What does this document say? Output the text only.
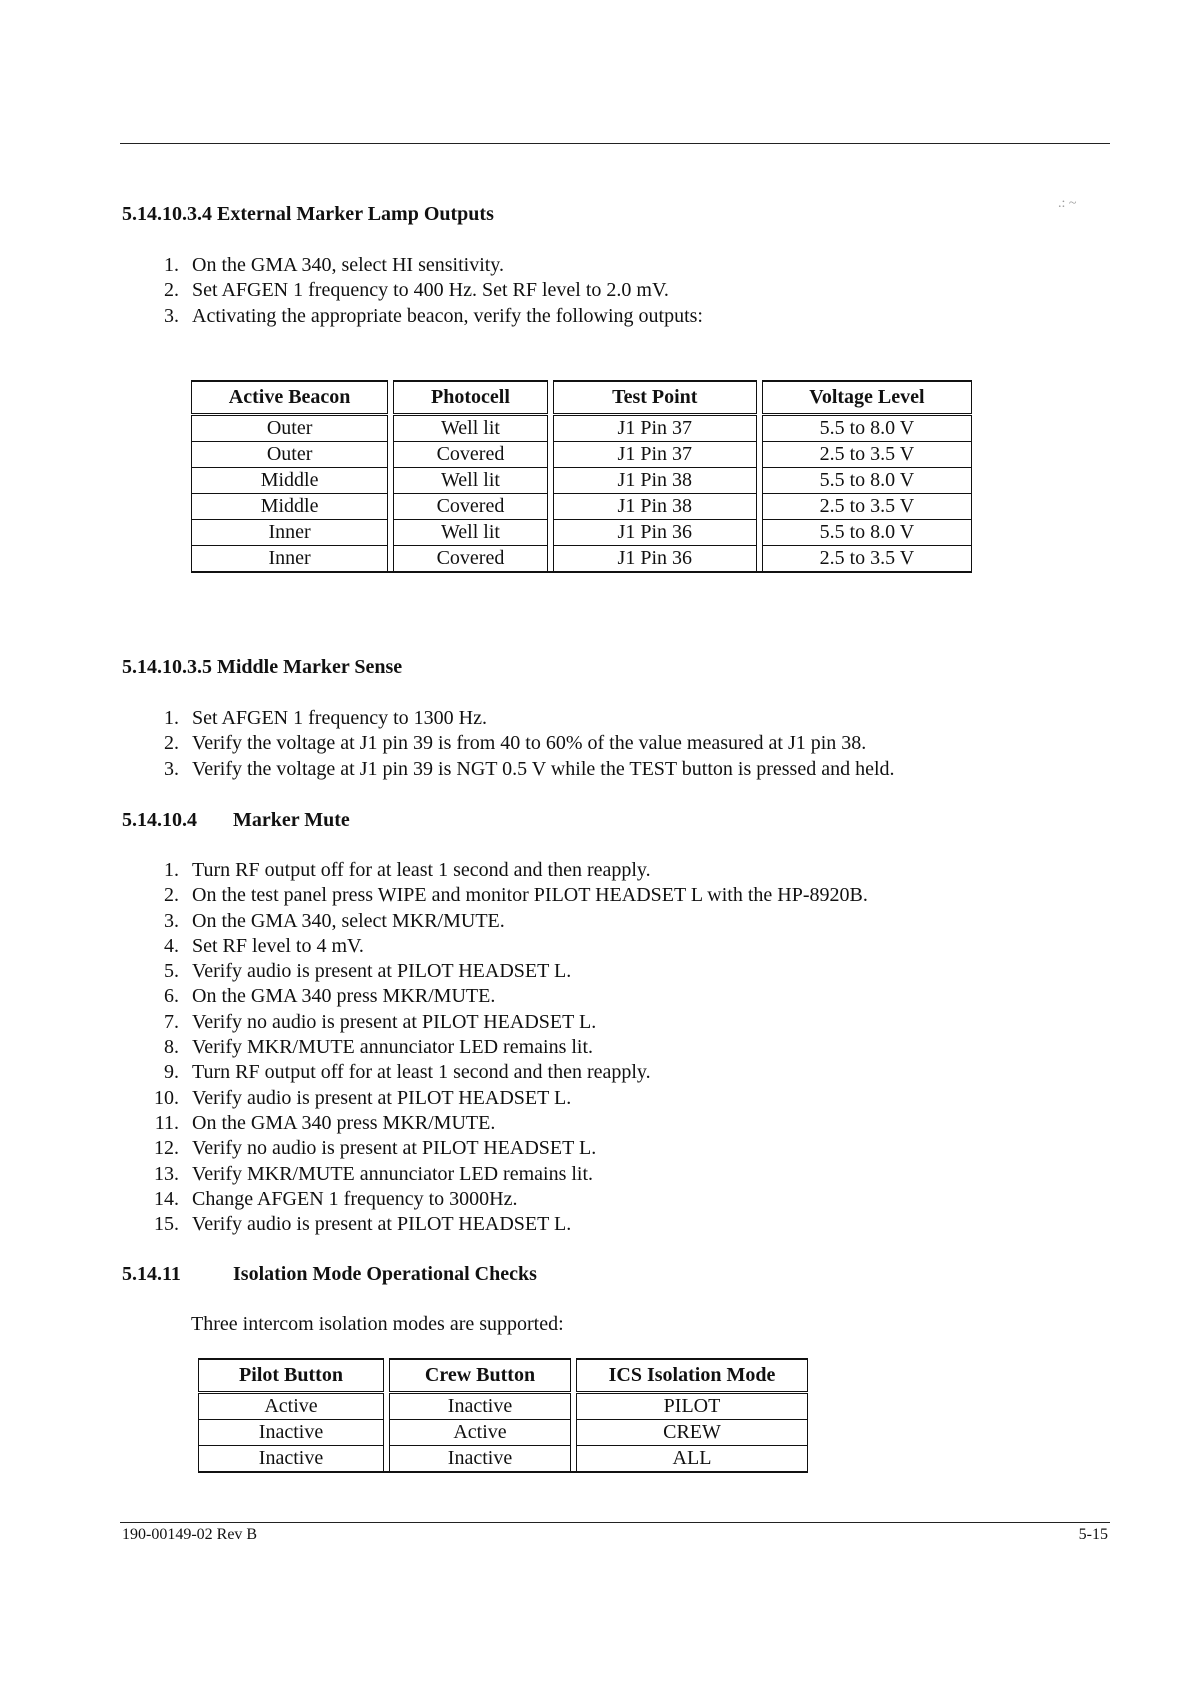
.: ~
5.14.10.3.4 External Marker Lamp Outputs
1. On the GMA 340, select HI sensitivity.
2. Set AFGEN 1 frequency to 400 Hz. Set RF level to 2.0 mV.
3. Activating the appropriate beacon, verify the following outputs:
Active Beacon		Photocell		Test Point		Voltage Level
Outer		Well lit		J1 Pin 37		5.5 to 8.0 V
Outer		Covered		J1 Pin 37		2.5 to 3.5 V
Middle		Well lit		J1 Pin 38		5.5 to 8.0 V
Middle		Covered		J1 Pin 38		2.5 to 3.5 V
Inner		Well lit		J1 Pin 36		5.5 to 8.0 V
Inner		Covered		J1 Pin 36		2.5 to 3.5 V
5.14.10.3.5 Middle Marker Sense
1. Set AFGEN 1 frequency to 1300 Hz.
2. Verify the voltage at J1 pin 39 is from 40 to 60% of the value measured at J1 pin 38.
3. Verify the voltage at J1 pin 39 is NGT 0.5 V while the TEST button is pressed and held.
5.14.10.4 Marker Mute
1. Turn RF output off for at least 1 second and then reapply.
2. On the test panel press WIPE and monitor PILOT HEADSET L with the HP-8920B.
3. On the GMA 340, select MKR/MUTE.
4. Set RF level to 4 mV.
5. Verify audio is present at PILOT HEADSET L.
6. On the GMA 340 press MKR/MUTE.
7. Verify no audio is present at PILOT HEADSET L.
8. Verify MKR/MUTE annunciator LED remains lit.
9. Turn RF output off for at least 1 second and then reapply.
10. Verify audio is present at PILOT HEADSET L.
11. On the GMA 340 press MKR/MUTE.
12. Verify no audio is present at PILOT HEADSET L.
13. Verify MKR/MUTE annunciator LED remains lit.
14. Change AFGEN 1 frequency to 3000Hz.
15. Verify audio is present at PILOT HEADSET L.
5.14.11	Isolation Mode Operational Checks
Three intercom isolation modes are supported:
Pilot Button		Crew Button		ICS Isolation Mode
Active		Inactive		PILOT
Inactive		Active		CREW
Inactive		Inactive		ALL
190-00149-02 Rev B	5-15
